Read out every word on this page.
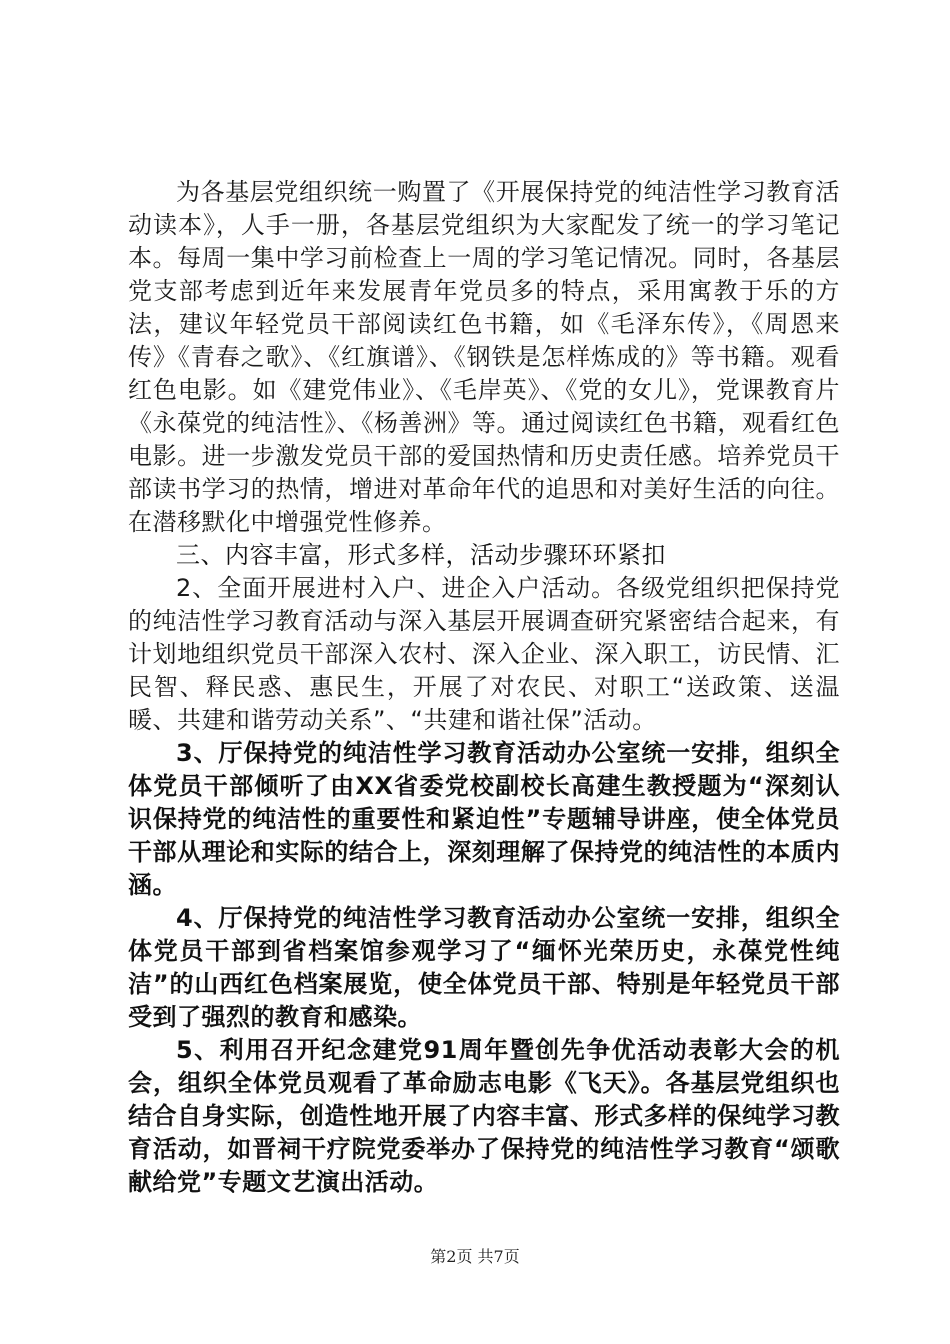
为各基层党组织统一购置了《开展保持党的纯洁性学习教育活动读本》，人手一册，各基层党组织为大家配发了统一的学习笔记本。每周一集中学习前检查上一周的学习笔记情况。同时，各基层党支部考虑到近年来发展青年党员多的特点，采用寓教于乐的方法，建议年轻党员干部阅读红色书籍，如《毛泽东传》，《周恩来传》《青春之歌》、《红旗谱》、《钢铁是怎样炼成的》等书籍。观看红色电影。如《建党伟业》、《毛岸英》、《党的女儿》，党课教育片《永葆党的纯洁性》、《杨善洲》等。通过阅读红色书籍，观看红色电影。进一步激发党员干部的爱国热情和历史责任感。培养党员干部读书学习的热情，增进对革命年代的追思和对美好生活的向往。在潜移默化中增强党性修养。

三、内容丰富，形式多样，活动步骤环环紧扣

2、全面开展进村入户、进企入户活动。各级党组织把保持党的纯洁性学习教育活动与深入基层开展调查研究紧密结合起来，有计划地组织党员干部深入农村、深入企业、深入职工，访民情、汇民智、释民惑、惠民生，开展了对农民、对职工“送政策、送温暖、共建和谐劳动关系”、“共建和谐社保”活动。

3、厅保持党的纯洁性学习教育活动办公室统一安排，组织全体党员干部倾听了由XX省委党校副校长高建生教授题为“深刻认识保持党的纯洁性的重要性和紧迫性”专题辅导讲座，使全体党员干部从理论和实际的结合上，深刻理解了保持党的纯洁性的本质内涵。

4、厅保持党的纯洁性学习教育活动办公室统一安排，组织全体党员干部到省档案馆参观学习了“缅怀光荣历史，永葆党性纯洁”的山西红色档案展览，使全体党员干部、特别是年轻党员干部受到了强烈的教育和感染。

5、利用召开纪念建党91周年暨创先争优活动表彰大会的机会，组织全体党员观看了革命励志电影《飞天》。各基层党组织也结合自身实际，创造性地开展了内容丰富、形式多样的保纯学习教育活动，如晋祠干疗院党委举办了保持党的纯洁性学习教育“颂歌献给党”专题文艺演出活动。

第2页 共7页
